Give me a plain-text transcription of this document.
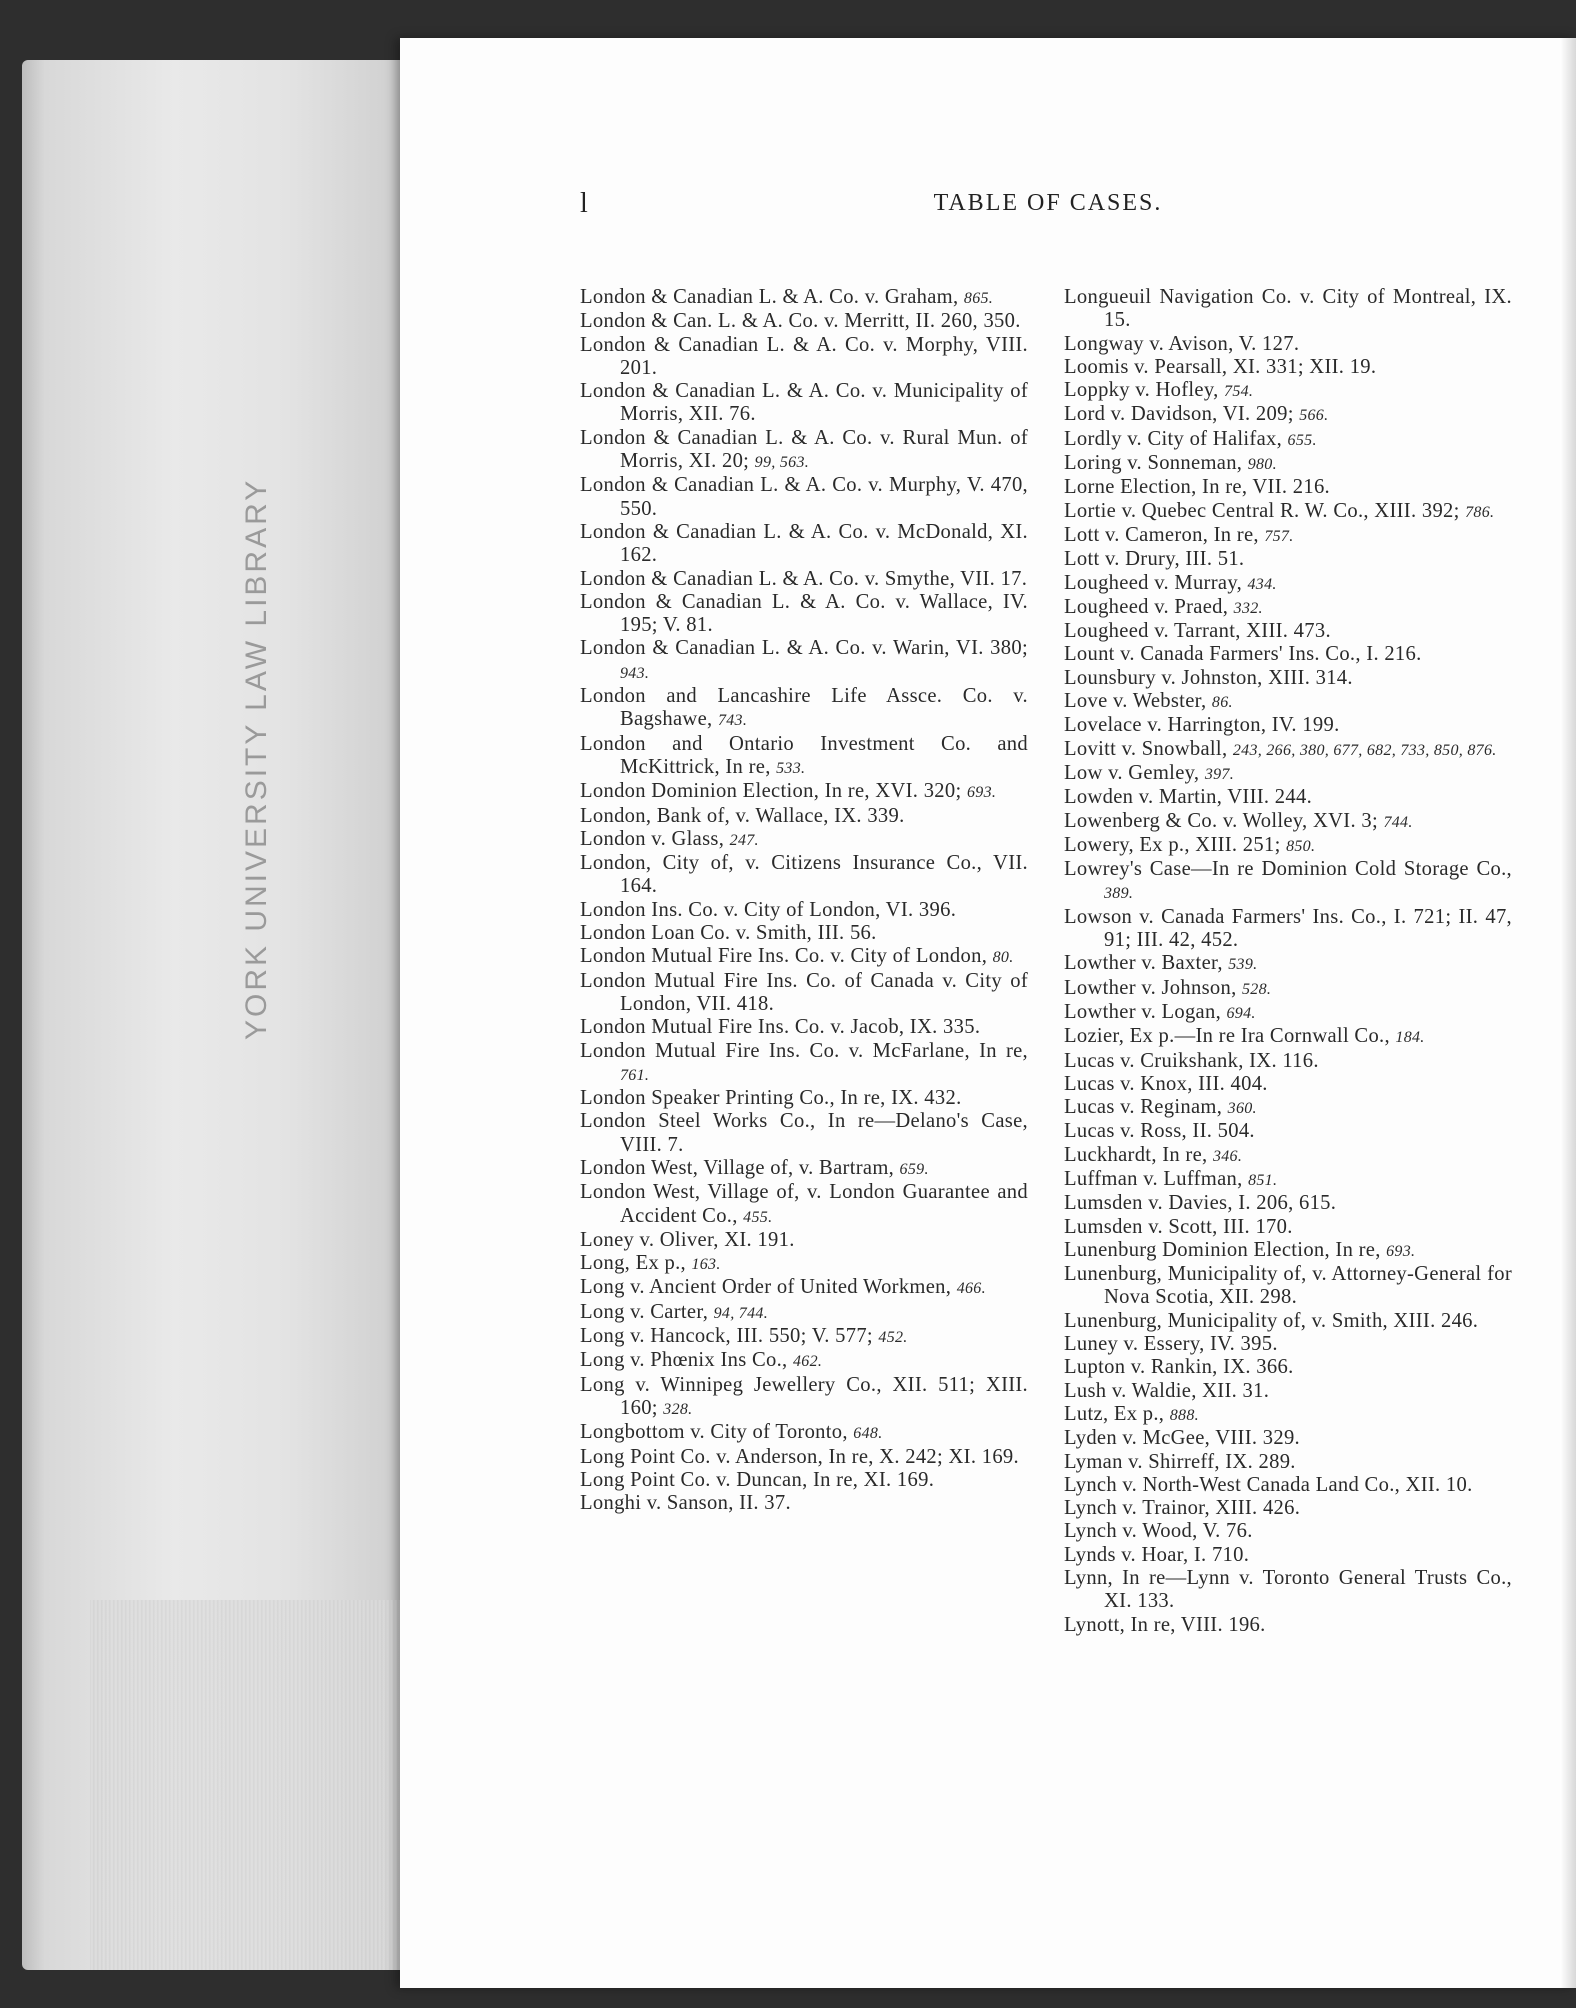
YORK UNIVERSITY LAW LIBRARY
l	TABLE OF CASES.
London & Canadian L. & A. Co. v. Graham, 865.
London & Can. L. & A. Co. v. Merritt, II. 260, 350.
London & Canadian L. & A. Co. v. Morphy, VIII. 201.
London & Canadian L. & A. Co. v. Municipality of Morris, XII. 76.
London & Canadian L. & A. Co. v. Rural Mun. of Morris, XI. 20; 99, 563.
London & Canadian L. & A. Co. v. Murphy, V. 470, 550.
London & Canadian L. & A. Co. v. McDonald, XI. 162.
London & Canadian L. & A. Co. v. Smythe, VII. 17.
London & Canadian L. & A. Co. v. Wallace, IV. 195; V. 81.
London & Canadian L. & A. Co. v. Warin, VI. 380; 943.
London and Lancashire Life Assce. Co. v. Bagshawe, 743.
London and Ontario Investment Co. and McKittrick, In re, 533.
London Dominion Election, In re, XVI. 320; 693.
London, Bank of, v. Wallace, IX. 339.
London v. Glass, 247.
London, City of, v. Citizens Insurance Co., VII. 164.
London Ins. Co. v. City of London, VI. 396.
London Loan Co. v. Smith, III. 56.
London Mutual Fire Ins. Co. v. City of London, 80.
London Mutual Fire Ins. Co. of Canada v. City of London, VII. 418.
London Mutual Fire Ins. Co. v. Jacob, IX. 335.
London Mutual Fire Ins. Co. v. McFarlane, In re, 761.
London Speaker Printing Co., In re, IX. 432.
London Steel Works Co., In re—Delano's Case, VIII. 7.
London West, Village of, v. Bartram, 659.
London West, Village of, v. London Guarantee and Accident Co., 455.
Loney v. Oliver, XI. 191.
Long, Ex p., 163.
Long v. Ancient Order of United Workmen, 466.
Long v. Carter, 94, 744.
Long v. Hancock, III. 550; V. 577; 452.
Long v. Phœnix Ins Co., 462.
Long v. Winnipeg Jewellery Co., XII. 511; XIII. 160; 328.
Longbottom v. City of Toronto, 648.
Long Point Co. v. Anderson, In re, X. 242; XI. 169.
Long Point Co. v. Duncan, In re, XI. 169.
Longhi v. Sanson, II. 37.
Longueuil Navigation Co. v. City of Montreal, IX. 15.
Longway v. Avison, V. 127.
Loomis v. Pearsall, XI. 331; XII. 19.
Loppky v. Hofley, 754.
Lord v. Davidson, VI. 209; 566.
Lordly v. City of Halifax, 655.
Loring v. Sonneman, 980.
Lorne Election, In re, VII. 216.
Lortie v. Quebec Central R. W. Co., XIII. 392; 786.
Lott v. Cameron, In re, 757.
Lott v. Drury, III. 51.
Lougheed v. Murray, 434.
Lougheed v. Praed, 332.
Lougheed v. Tarrant, XIII. 473.
Lount v. Canada Farmers' Ins. Co., I. 216.
Lounsbury v. Johnston, XIII. 314.
Love v. Webster, 86.
Lovelace v. Harrington, IV. 199.
Lovitt v. Snowball, 243, 266, 380, 677, 682, 733, 850, 876.
Low v. Gemley, 397.
Lowden v. Martin, VIII. 244.
Lowenberg & Co. v. Wolley, XVI. 3; 744.
Lowery, Ex p., XIII. 251; 850.
Lowrey's Case—In re Dominion Cold Storage Co., 389.
Lowson v. Canada Farmers' Ins. Co., I. 721; II. 47, 91; III. 42, 452.
Lowther v. Baxter, 539.
Lowther v. Johnson, 528.
Lowther v. Logan, 694.
Lozier, Ex p.—In re Ira Cornwall Co., 184.
Lucas v. Cruikshank, IX. 116.
Lucas v. Knox, III. 404.
Lucas v. Reginam, 360.
Lucas v. Ross, II. 504.
Luckhardt, In re, 346.
Luffman v. Luffman, 851.
Lumsden v. Davies, I. 206, 615.
Lumsden v. Scott, III. 170.
Lunenburg Dominion Election, In re, 693.
Lunenburg, Municipality of, v. Attorney-General for Nova Scotia, XII. 298.
Lunenburg, Municipality of, v. Smith, XIII. 246.
Luney v. Essery, IV. 395.
Lupton v. Rankin, IX. 366.
Lush v. Waldie, XII. 31.
Lutz, Ex p., 888.
Lyden v. McGee, VIII. 329.
Lyman v. Shirreff, IX. 289.
Lynch v. North-West Canada Land Co., XII. 10.
Lynch v. Trainor, XIII. 426.
Lynch v. Wood, V. 76.
Lynds v. Hoar, I. 710.
Lynn, In re—Lynn v. Toronto General Trusts Co., XI. 133.
Lynott, In re, VIII. 196.
